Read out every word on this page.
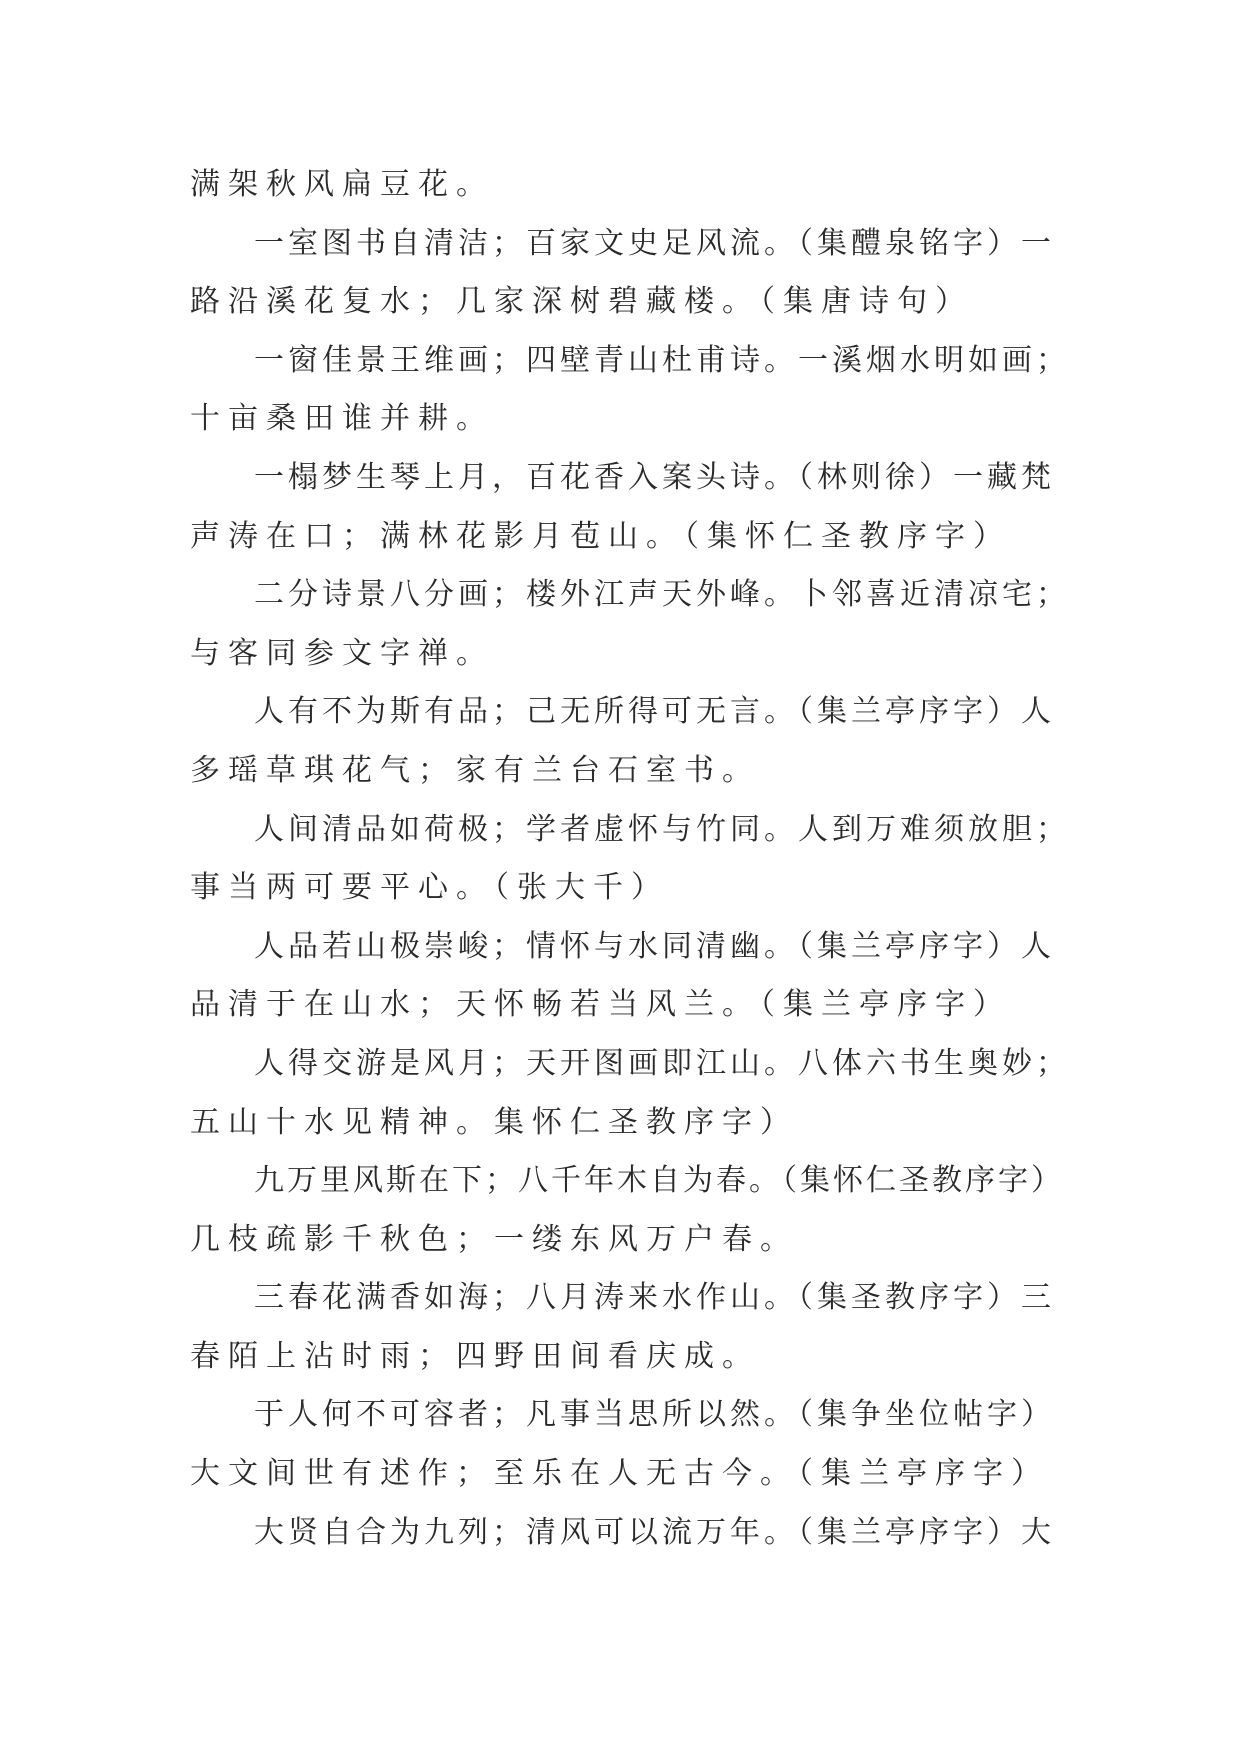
满架秋风扁豆花。
一室图书自清洁；百家文史足风流。（集醴泉铭字）一
路沿溪花复水；几家深树碧藏楼。（集唐诗句）
一窗佳景王维画；四壁青山杜甫诗。一溪烟水明如画；
十亩桑田谁并耕。
一榻梦生琴上月，百花香入案头诗。（林则徐）一藏梵
声涛在口；满林花影月苞山。（集怀仁圣教序字）
二分诗景八分画；楼外江声天外峰。卜邻喜近清凉宅；
与客同参文字禅。
人有不为斯有品；己无所得可无言。（集兰亭序字）人
多瑶草琪花气；家有兰台石室书。
人间清品如荷极；学者虚怀与竹同。人到万难须放胆；
事当两可要平心。（张大千）
人品若山极崇峻；情怀与水同清幽。（集兰亭序字）人
品清于在山水；天怀畅若当风兰。（集兰亭序字）
人得交游是风月；天开图画即江山。八体六书生奥妙；
五山十水见精神。集怀仁圣教序字）
九万里风斯在下；八千年木自为春。（集怀仁圣教序字）
几枝疏影千秋色；一缕东风万户春。
三春花满香如海；八月涛来水作山。（集圣教序字）三
春陌上沾时雨；四野田间看庆成。
于人何不可容者；凡事当思所以然。（集争坐位帖字）
大文间世有述作；至乐在人无古今。（集兰亭序字）
大贤自合为九列；清风可以流万年。（集兰亭序字）大
